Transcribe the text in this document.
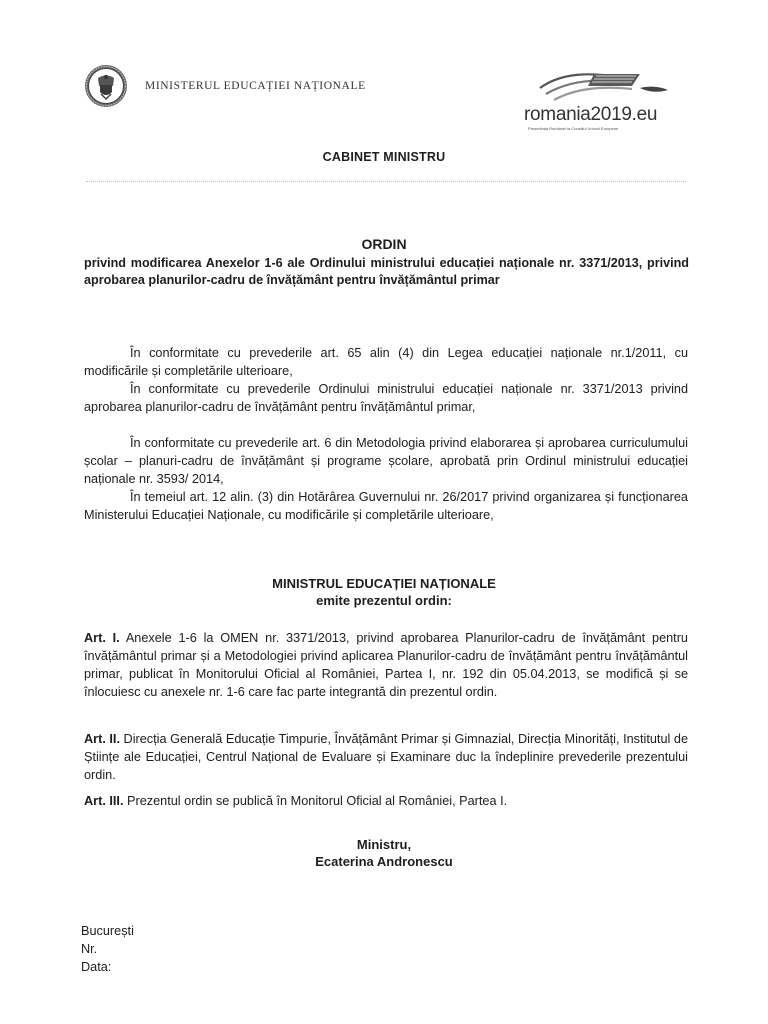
MINISTERUL EDUCAȚIEI NAȚIONALE
romania2019.eu
Președinția României la Consiliul Uniunii Europene
CABINET MINISTRU
ORDIN
privind modificarea Anexelor 1-6 ale Ordinului ministrului educației naționale nr. 3371/2013, privind aprobarea planurilor-cadru de învățământ pentru învățământul primar
În conformitate cu prevederile art. 65 alin (4) din Legea educației naționale nr.1/2011, cu modificările și completările ulterioare,
În conformitate cu prevederile Ordinului ministrului educației naționale nr. 3371/2013 privind aprobarea planurilor-cadru de învățământ pentru învățământul primar,
În conformitate cu prevederile art. 6 din Metodologia privind elaborarea și aprobarea curriculumului școlar – planuri-cadru de învățământ și programe școlare, aprobată prin Ordinul ministrului educației naționale nr. 3593/ 2014,
În temeiul art. 12 alin. (3) din Hotărârea Guvernului nr. 26/2017 privind organizarea și funcționarea Ministerului Educației Naționale, cu modificările și completările ulterioare,
MINISTRUL EDUCAȚIEI NAȚIONALE
emite prezentul ordin:
Art. I. Anexele 1-6 la OMEN nr. 3371/2013, privind aprobarea Planurilor-cadru de învățământ pentru învățământul primar și a Metodologiei privind aplicarea Planurilor-cadru de învățământ pentru învățământul primar, publicat în Monitorului Oficial al României, Partea I, nr. 192 din 05.04.2013, se modifică și se înlocuiesc cu anexele nr. 1-6 care fac parte integrantă din prezentul ordin.
Art. II. Direcția Generală Educație Timpurie, Învățământ Primar și Gimnazial, Direcția Minorități, Institutul de Științe ale Educației, Centrul Național de Evaluare și Examinare duc la îndeplinire prevederile prezentului ordin.
Art. III. Prezentul ordin se publică în Monitorul Oficial al României, Partea I.
Ministru,
Ecaterina Andronescu
București
Nr.
Data:
